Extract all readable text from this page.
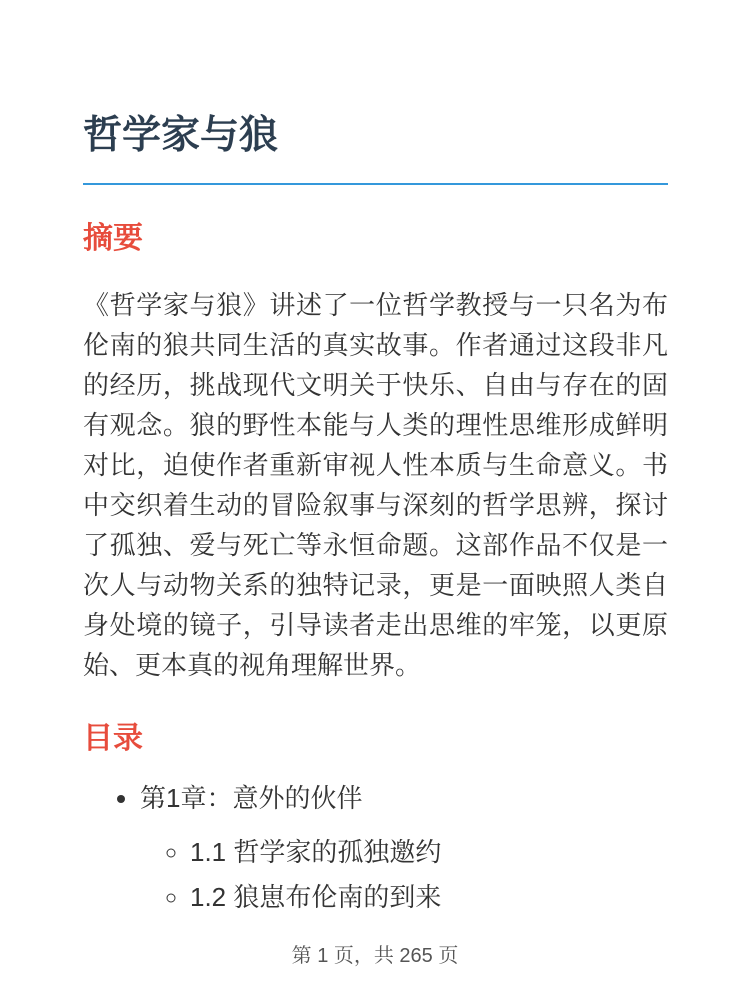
哲学家与狼
摘要

《哲学家与狼》讲述了一位哲学教授与一只名为布伦南的狼共同生活的真实故事。作者通过这段非凡的经历，挑战现代文明关于快乐、自由与存在的固有观念。狼的野性本能与人类的理性思维形成鲜明对比，迫使作者重新审视人性本质与生命意义。书中交织着生动的冒险叙事与深刻的哲学思辨，探讨了孤独、爱与死亡等永恒命题。这部作品不仅是一次人与动物关系的独特记录，更是一面映照人类自身处境的镜子，引导读者走出思维的牢笼，以更原始、更本真的视角理解世界。

目录
• 第1章：意外的伙伴
◦ 1.1 哲学家的孤独邀约
◦ 1.2 狼崽布伦南的到来
第 1 页，共 265 页
